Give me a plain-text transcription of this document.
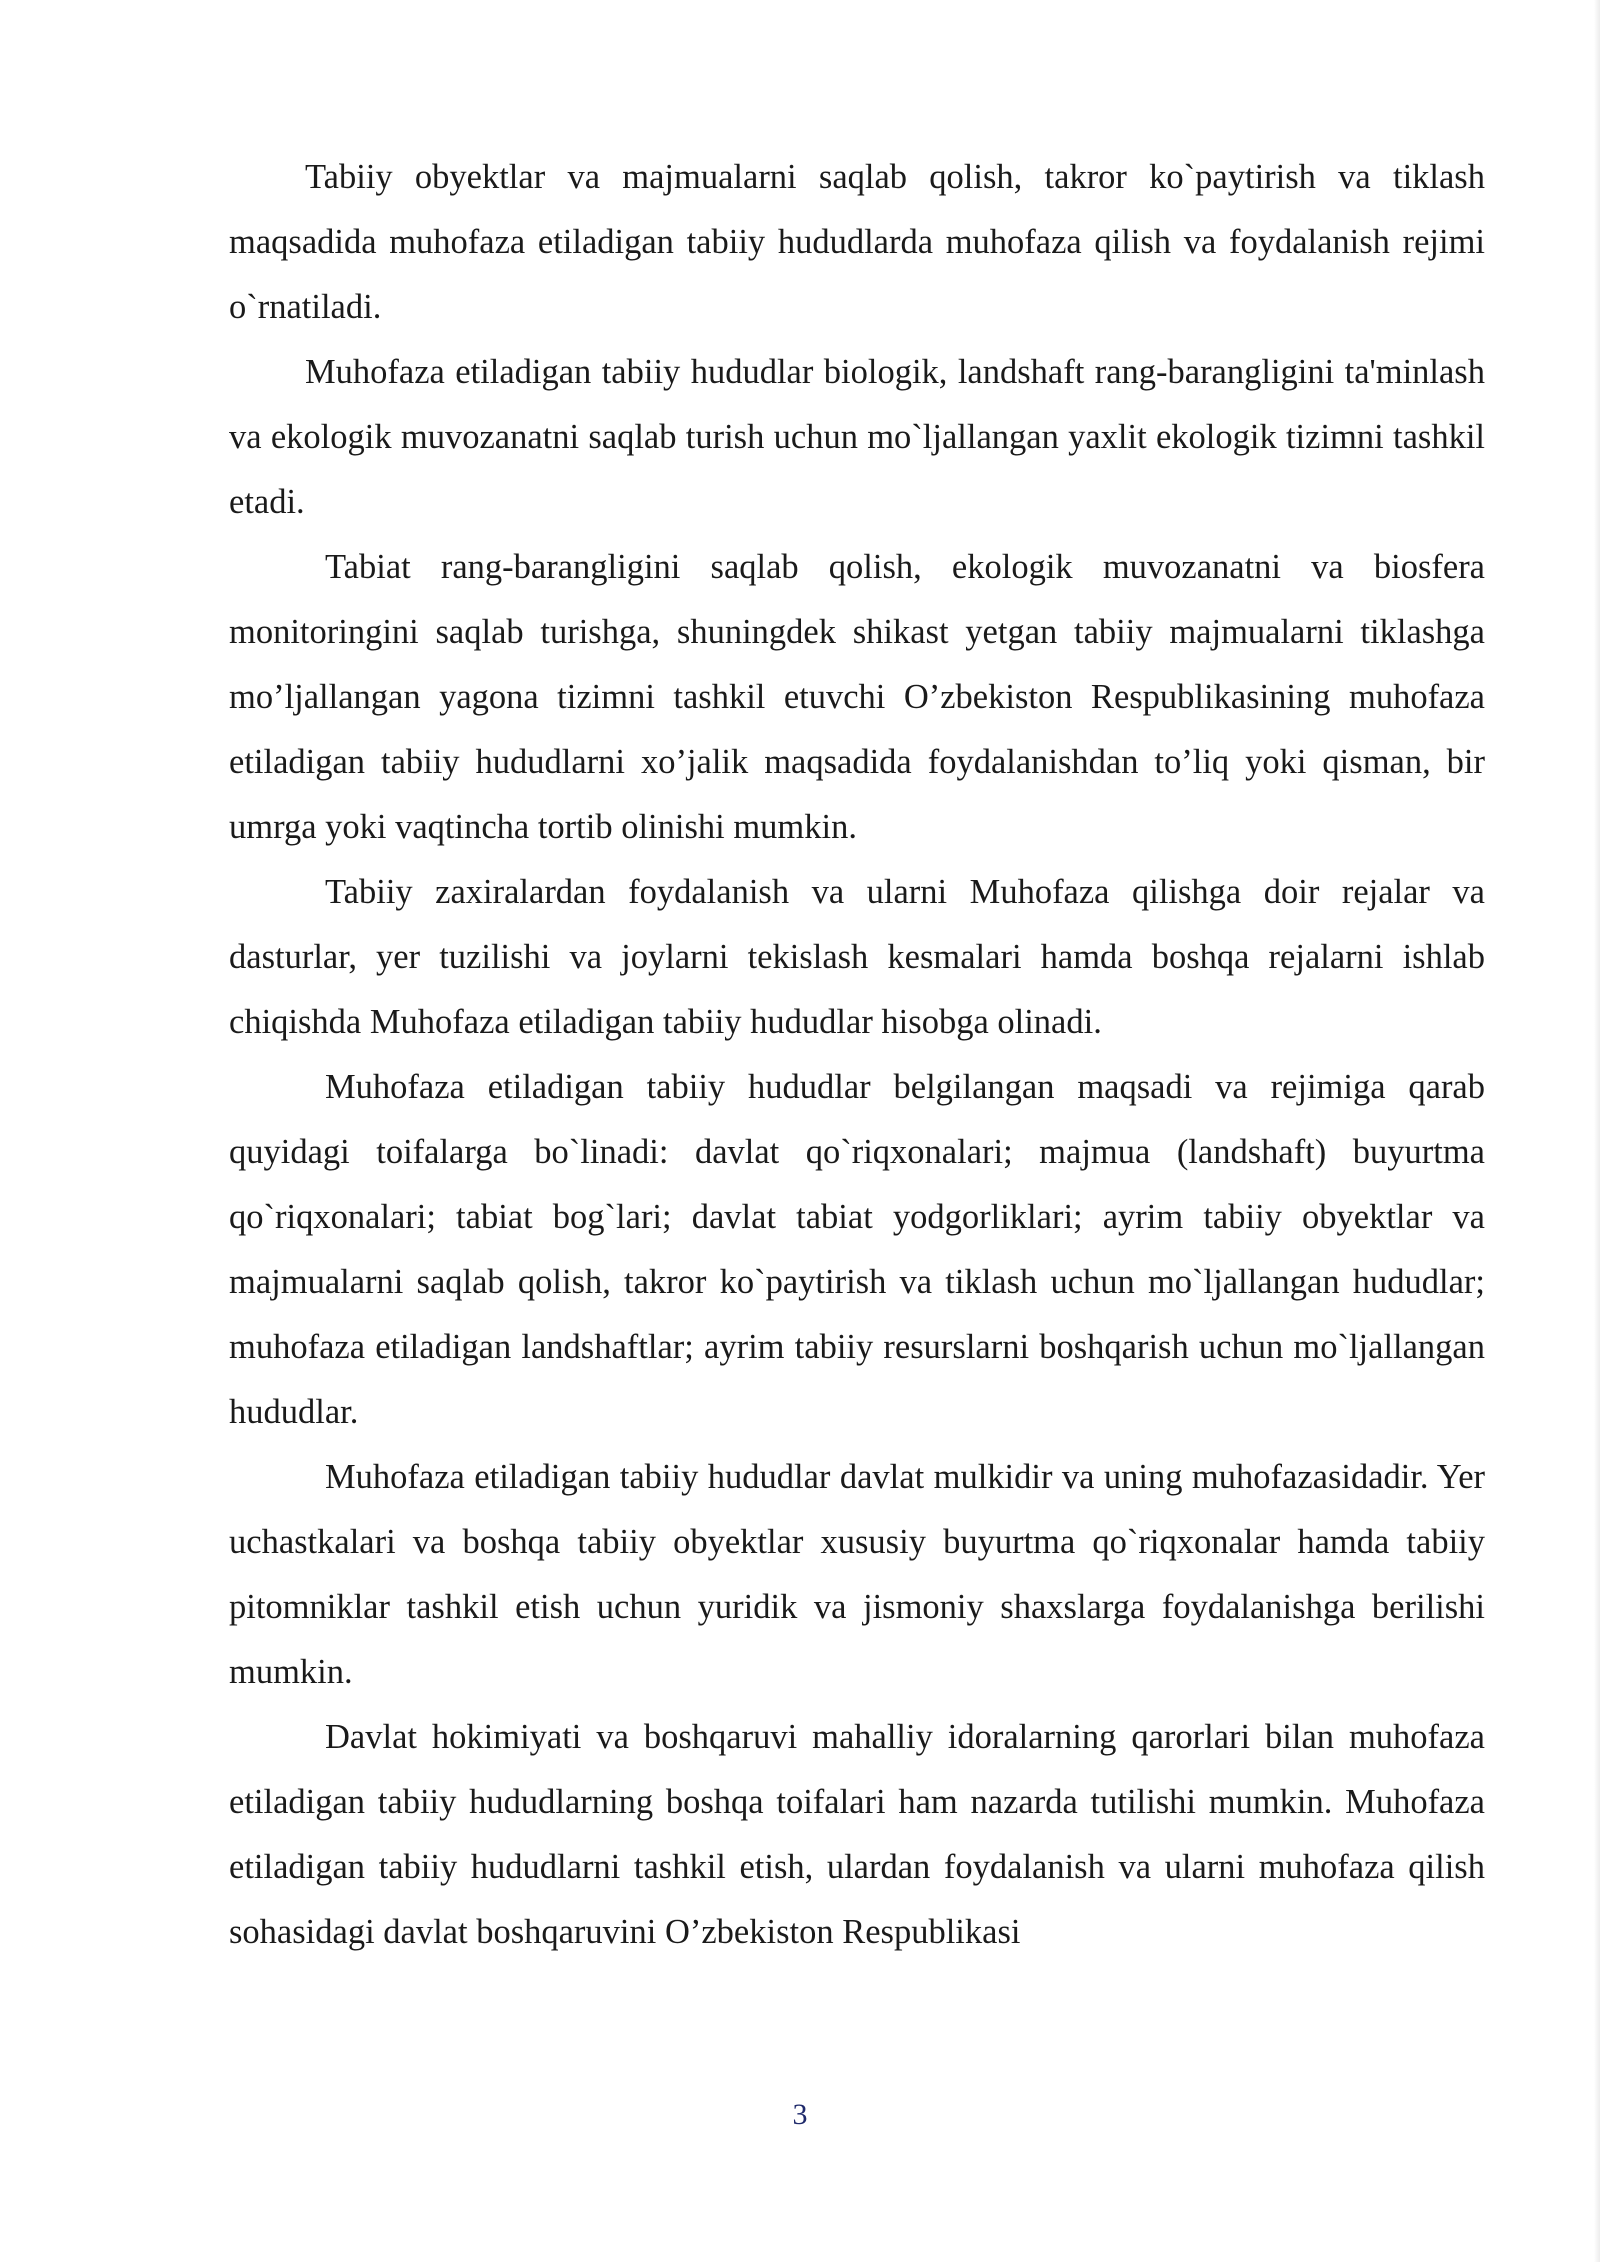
Tabiiy obyektlar va majmualarni saqlab qolish, takror ko`paytirish va tiklash maqsadida muhofaza etiladigan tabiiy hududlarda muhofaza qilish va foydalanish rejimi o`rnatiladi.

Muhofaza etiladigan tabiiy hududlar biologik, landshaft rang-barangligini ta'minlash va ekologik muvozanatni saqlab turish uchun mo`ljallangan yaxlit ekologik tizimni tashkil etadi.

Tabiat rang-barangligini saqlab qolish, ekologik muvozanatni va biosfera monitoringini saqlab turishga, shuningdek shikast yetgan tabiiy majmualarni tiklashga mo’ljallangan yagona tizimni tashkil etuvchi O’zbekiston Respublikasining muhofaza etiladigan tabiiy hududlarni xo’jalik maqsadida foydalanishdan to’liq yoki qisman, bir umrga yoki vaqtincha tortib olinishi mumkin.

Tabiiy zaxiralardan foydalanish va ularni Muhofaza qilishga doir rejalar va dasturlar, yer tuzilishi va joylarni tekislash kesmalari hamda boshqa rejalarni ishlab chiqishda Muhofaza etiladigan tabiiy hududlar hisobga olinadi.

Muhofaza etiladigan tabiiy hududlar belgilangan maqsadi va rejimiga qarab quyidagi toifalarga bo`linadi: davlat qo`riqxonalari; majmua (landshaft) buyurtma qo`riqxonalari; tabiat bog`lari; davlat tabiat yodgorliklari; ayrim tabiiy obyektlar va majmualarni saqlab qolish, takror ko`paytirish va tiklash uchun mo`ljallangan hududlar; muhofaza etiladigan landshaftlar; ayrim tabiiy resurslarni boshqarish uchun mo`ljallangan hududlar.

Muhofaza etiladigan tabiiy hududlar davlat mulkidir va uning muhofazasidadir. Yer uchastkalari va boshqa tabiiy obyektlar xususiy buyurtma qo`riqxonalar hamda tabiiy pitomniklar tashkil etish uchun yuridik va jismoniy shaxslarga foydalanishga berilishi mumkin.

Davlat hokimiyati va boshqaruvi mahalliy idoralarning qarorlari bilan muhofaza etiladigan tabiiy hududlarning boshqa toifalari ham nazarda tutilishi mumkin. Muhofaza etiladigan tabiiy hududlarni tashkil etish, ulardan foydalanish va ularni muhofaza qilish sohasidagi davlat boshqaruvini O’zbekiston Respublikasi

3
